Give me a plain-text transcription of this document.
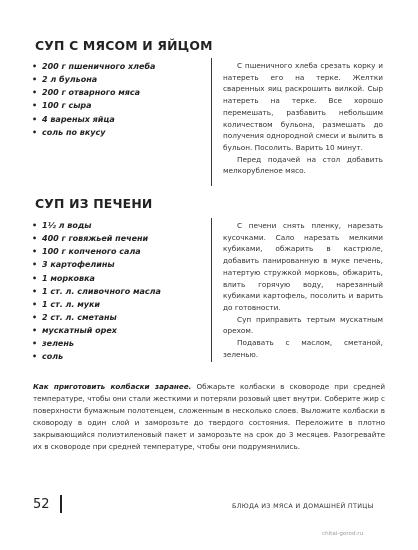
СУП С МЯСОМ И ЯЙЦОМ
• 200 г пшеничного хлеба
• 2 л бульона
• 200 г отварного мяса
• 100 г сыра
• 4 вареных яйца
• соль по вкусу

С пшеничного хлеба срезать корку и натереть его на терке. Желтки сваренных яиц раскрошить вилкой. Сыр натереть на терке. Все хорошо перемешать, разбавить небольшим количеством бульона, размешать до получения однородной смеси и вылить в бульон. Посолить. Варить 10 минут.

Перед подачей на стол добавить мелкорубленое мясо.

СУП ИЗ ПЕЧЕНИ
• 1½ л воды
• 400 г говяжьей печени
• 100 г копченого сала
• 3 картофелины
• 1 морковка
• 1 ст. л. сливочного масла
• 1 ст. л. муки
• 2 ст. л. сметаны
• мускатный орех
• зелень
• соль

С печени снять пленку, нарезать кусочками. Сало нарезать мелкими кубиками, обжарить в кастрюле, добавить панированную в муке печень, натертую стружкой морковь, обжарить, влить горячую воду, нарезанный кубиками картофель, посолить и варить до готовности.

Суп приправить тертым мускатным орехом.

Подавать с маслом, сметаной, зеленью.

Как приготовить колбаски заранее. Обжарьте колбаски в сковороде при средней температуре, чтобы они стали жесткими и потеряли розовый цвет внутри. Соберите жир с поверхности бумажным полотенцем, сложенным в несколько слоев. Выложите колбаски в сковороду в один слой и заморозьте до твердого состояния. Переложите в плотно закрывающийся полиэтиленовый пакет и заморозьте на срок до 3 месяцев. Разогревайте их в сковороде при средней температуре, чтобы они подрумянились.
52	БЛЮДА ИЗ МЯСА И ДОМАШНЕЙ ПТИЦЫ
chitai-gorod.ru
